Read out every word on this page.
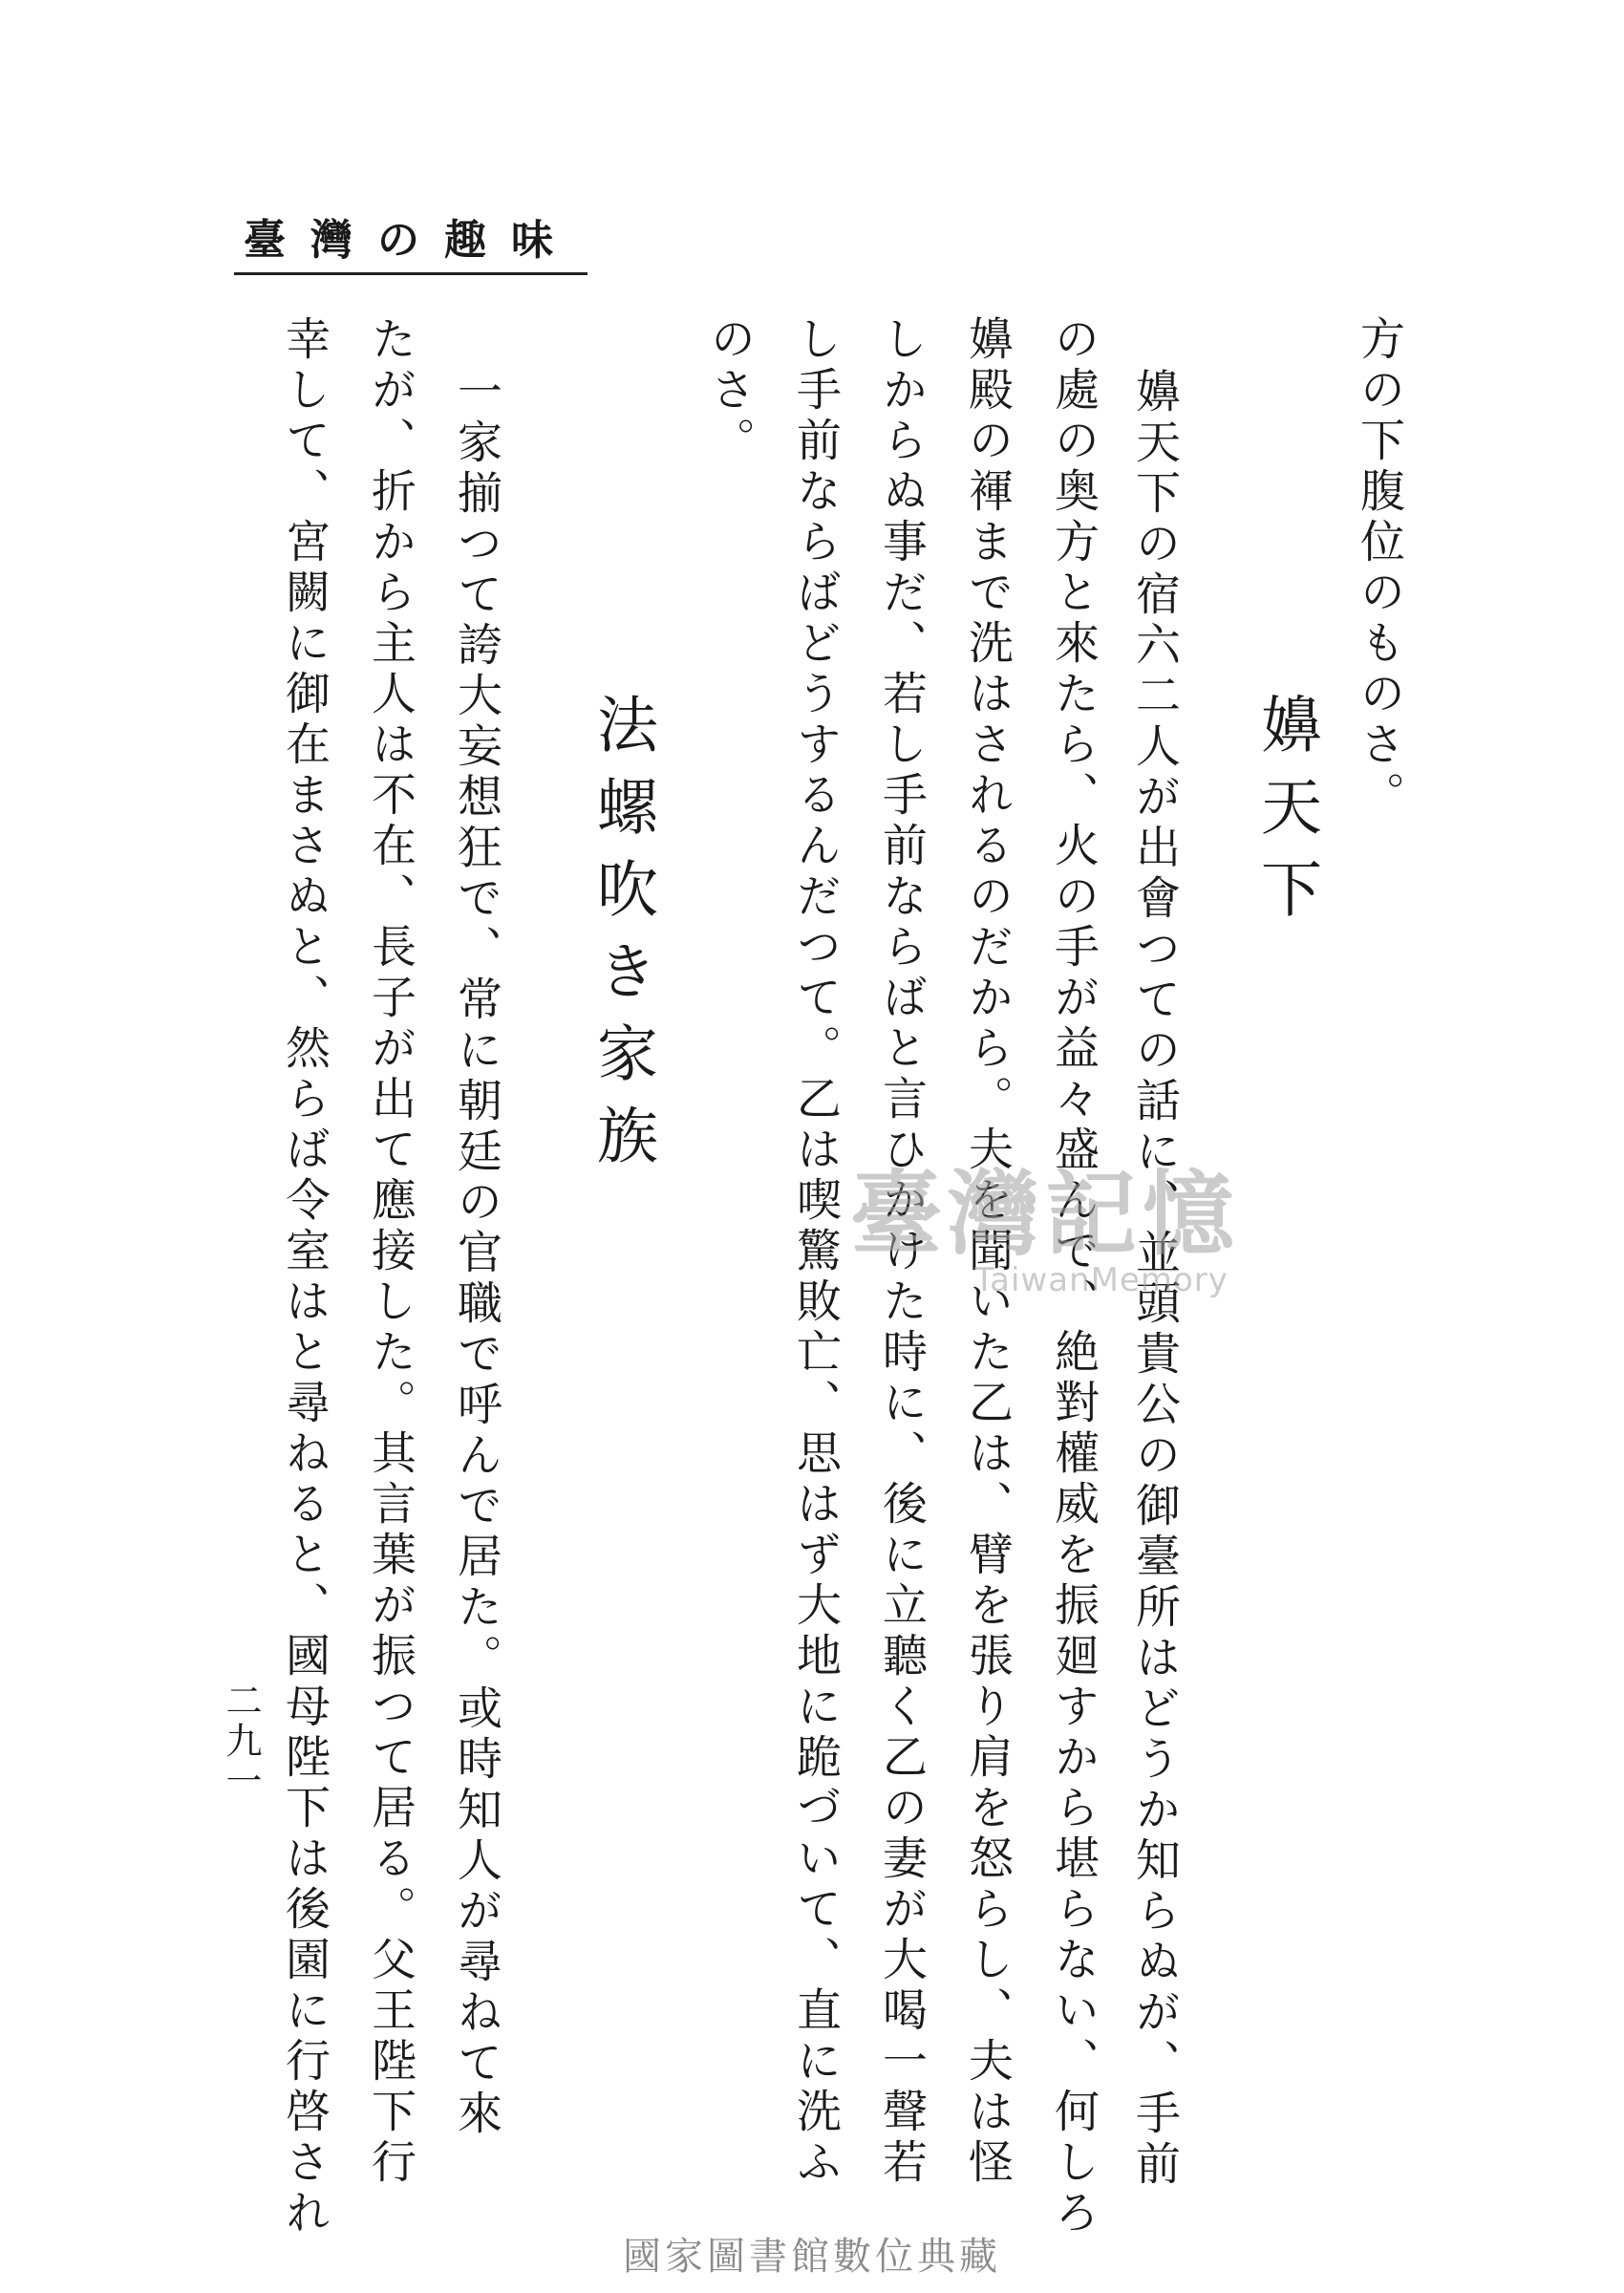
臺灣の趣味
方の下腹位のものさ。
嬶天下
嬶天下の宿六二人が出會つての話に、並頭貴公の御臺所はどうか知らぬが、手前
の處の奥方と來たら、火の手が益々盛んで、絶對權威を振廻すから堪らない、何しろ
嬶殿の褌まで洗はされるのだから。夫を聞いた乙は、臂を張り肩を怒らし、夫は怪
しからぬ事だ、若し手前ならばと言ひかけた時に、後に立聽く乙の妻が大喝一聲若
し手前ならばどうするんだつて。乙は喫驚敗亡、思はず大地に跪づいて、直に洗ふ
のさ。
法螺吹き家族
一家揃つて誇大妄想狂で、常に朝廷の官職で呼んで居た。或時知人が尋ねて來
たが、折から主人は不在、長子が出て應接した。其言葉が振つて居る。父王陛下行
幸して、宮闕に御在まさぬと、然らば令室はと尋ねると、國母陛下は後園に行啓され
二九一
臺灣記憶
TaiwanMemory
國家圖書館數位典藏
